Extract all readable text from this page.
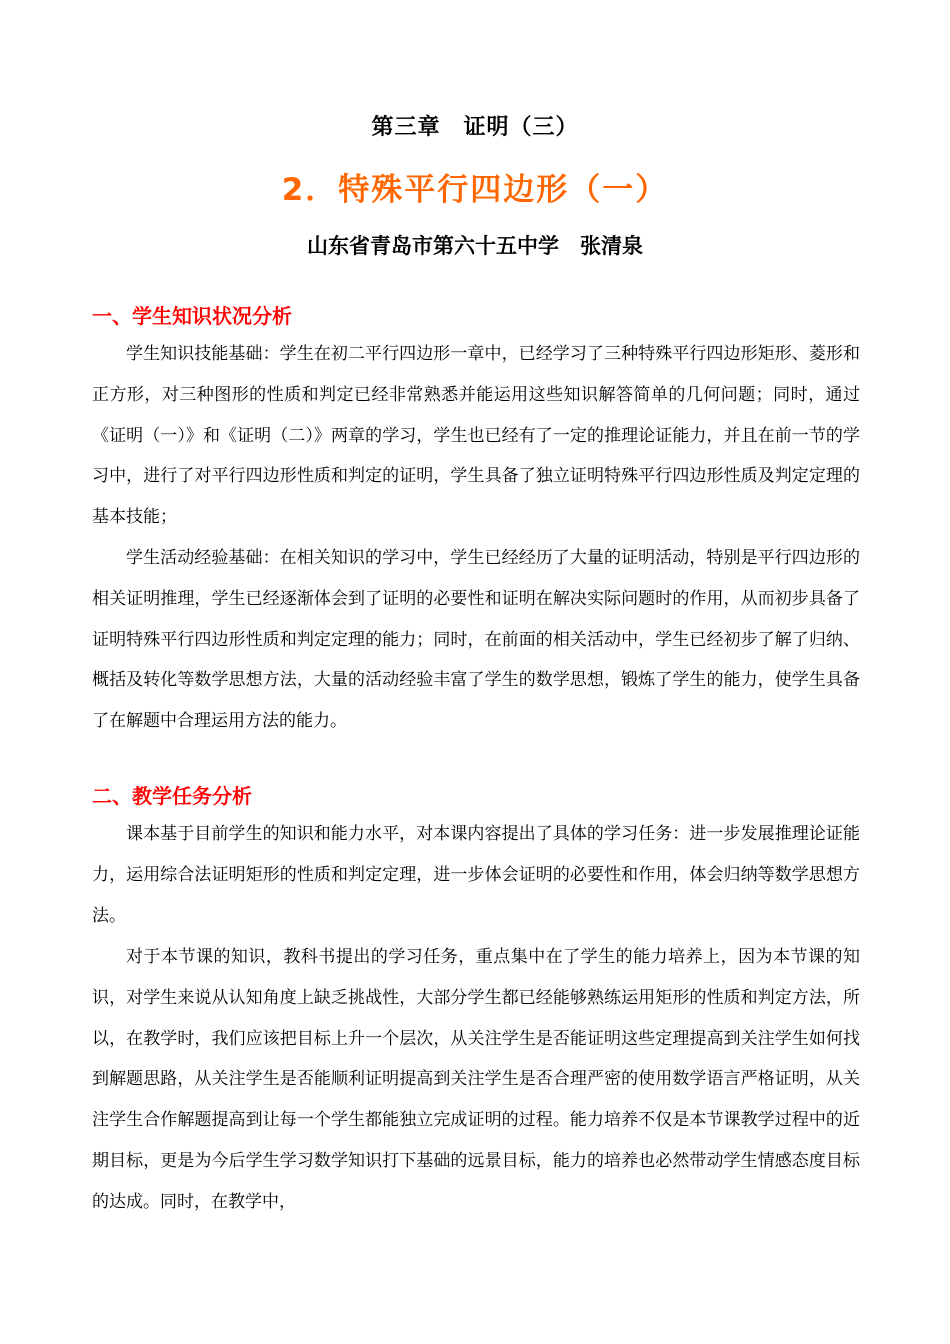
第三章　证明（三）
2．特殊平行四边形（一）
山东省青岛市第六十五中学　张清泉
一、学生知识状况分析

学生知识技能基础：学生在初二平行四边形一章中，已经学习了三种特殊平行四边形矩形、菱形和正方形，对三种图形的性质和判定已经非常熟悉并能运用这些知识解答简单的几何问题；同时，通过《证明（一）》和《证明（二）》两章的学习，学生也已经有了一定的推理论证能力，并且在前一节的学习中，进行了对平行四边形性质和判定的证明，学生具备了独立证明特殊平行四边形性质及判定定理的基本技能；

学生活动经验基础：在相关知识的学习中，学生已经经历了大量的证明活动，特别是平行四边形的相关证明推理，学生已经逐渐体会到了证明的必要性和证明在解决实际问题时的作用，从而初步具备了证明特殊平行四边形性质和判定定理的能力；同时，在前面的相关活动中，学生已经初步了解了归纳、概括及转化等数学思想方法，大量的活动经验丰富了学生的数学思想，锻炼了学生的能力，使学生具备了在解题中合理运用方法的能力。

二、教学任务分析

课本基于目前学生的知识和能力水平，对本课内容提出了具体的学习任务：进一步发展推理论证能力，运用综合法证明矩形的性质和判定定理，进一步体会证明的必要性和作用，体会归纳等数学思想方法。

对于本节课的知识，教科书提出的学习任务，重点集中在了学生的能力培养上，因为本节课的知识，对学生来说从认知角度上缺乏挑战性，大部分学生都已经能够熟练运用矩形的性质和判定方法，所以，在教学时，我们应该把目标上升一个层次，从关注学生是否能证明这些定理提高到关注学生如何找到解题思路，从关注学生是否能顺利证明提高到关注学生是否合理严密的使用数学语言严格证明，从关注学生合作解题提高到让每一个学生都能独立完成证明的过程。能力培养不仅是本节课教学过程中的近期目标，更是为今后学生学习数学知识打下基础的远景目标，能力的培养也必然带动学生情感态度目标的达成。同时，在教学中，
